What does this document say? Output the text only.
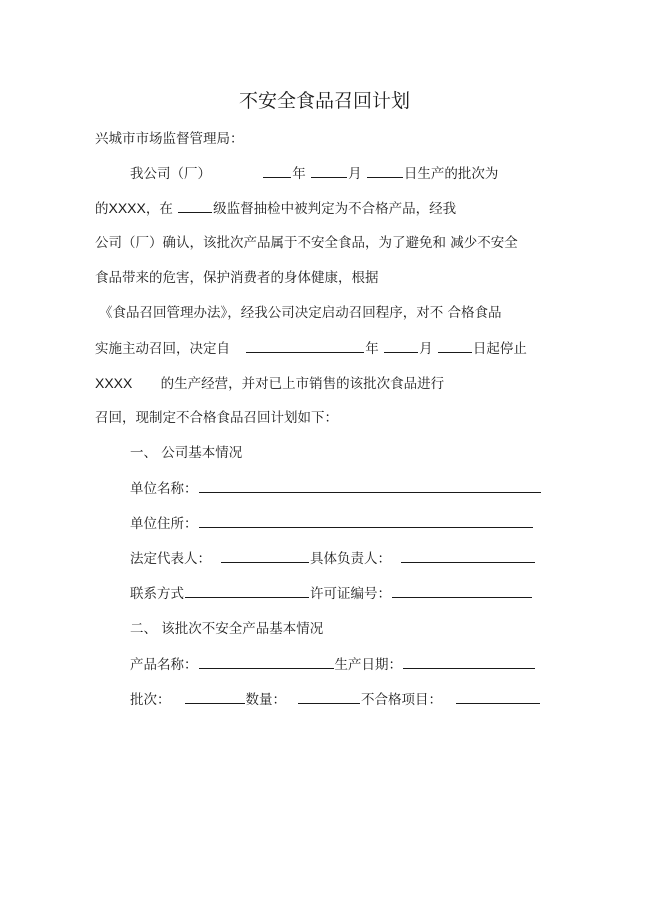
不安全食品召回计划
兴城市市场监督管理局：
我公司（厂）	年	月	日生产的批次为
的XXXX，在	级监督抽检中被判定为不合格产品，经我
公司（厂）确认，该批次产品属于不安全食品，为了避免和 减少不安全
食品带来的危害，保护消费者的身体健康，根据
《食品召回管理办法》，经我公司决定启动召回程序，对不 合格食品
实施主动召回，决定自	年	月	日起停止
XXXX 的生产经营，并对已上市销售的该批次食品进行
召回，现制定不合格食品召回计划如下：
一、 公司基本情况
单位名称：
单位住所：
法定代表人：	具体负责人：
联系方式	许可证编号：
二、 该批次不安全产品基本情况
产品名称：	生产日期：
批次：	数量：	不合格项目：
